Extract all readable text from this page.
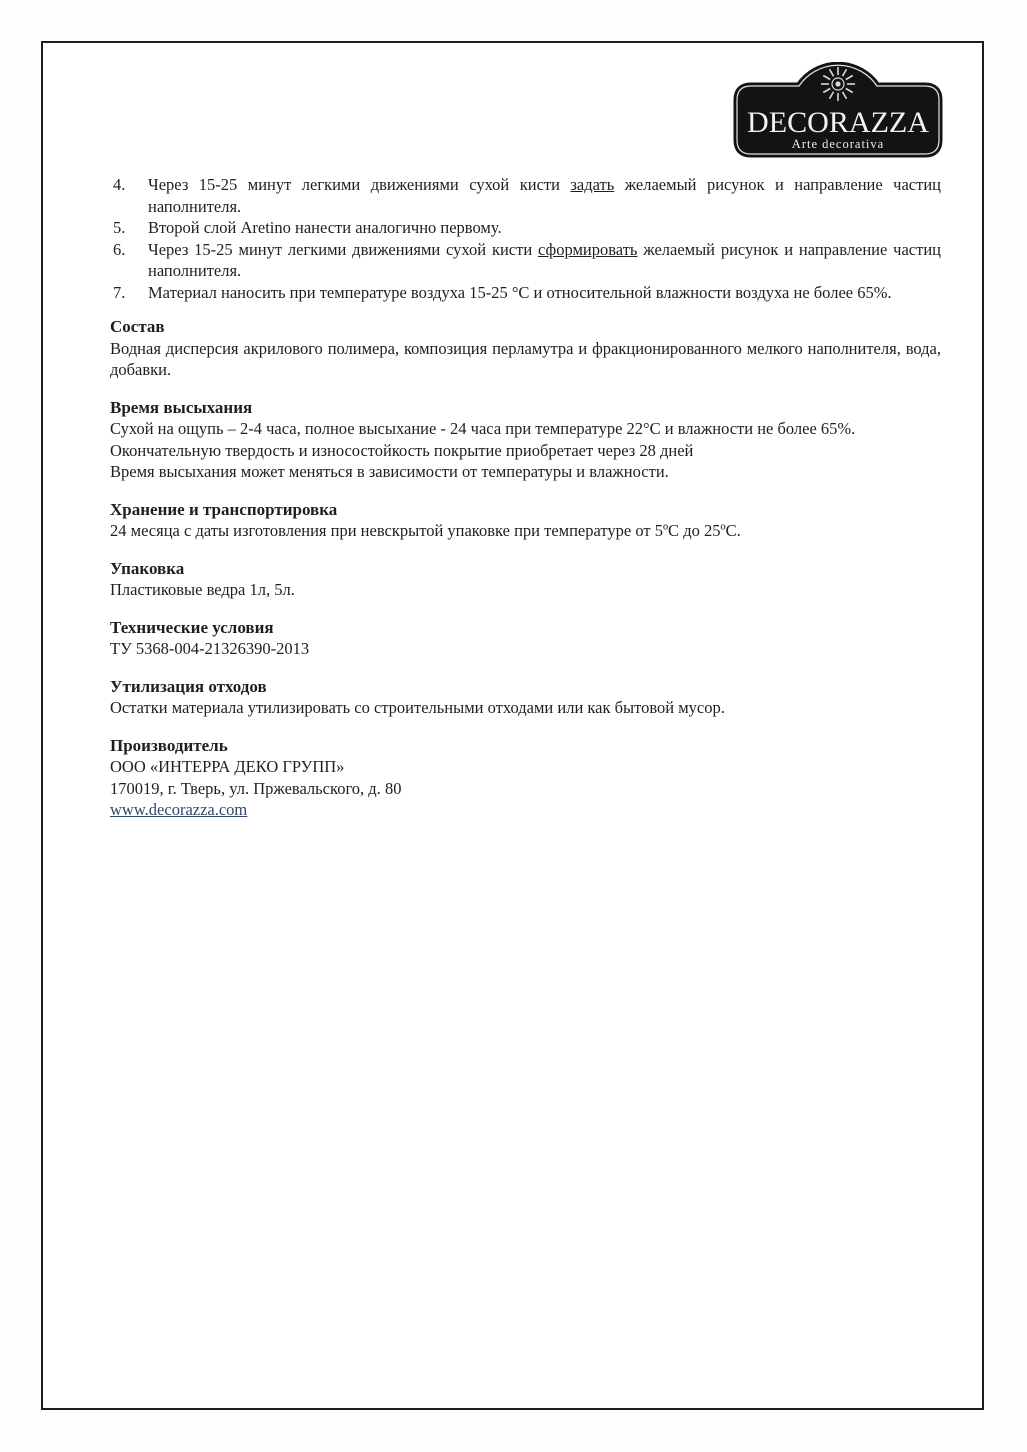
DECORAZZA
Arte decorativa
4. Через 15-25 минут легкими движениями сухой кисти задать желаемый рисунок и направление частиц наполнителя.
5. Второй слой Aretino нанести аналогично первому.
6. Через 15-25 минут легкими движениями сухой кисти сформировать желаемый рисунок и направление частиц наполнителя.
7. Материал наносить при температуре воздуха 15-25 °С и относительной влажности воздуха не более 65%.
Состав

Водная дисперсия акрилового полимера, композиция перламутра и фракционированного мелкого наполнителя, вода, добавки.

Время высыхания

Сухой на ощупь – 2-4 часа, полное высыхание - 24 часа при температуре 22°С и влажности не более 65%.

Окончательную твердость и износостойкость покрытие приобретает через 28 дней

Время высыхания может меняться в зависимости от температуры и влажности.

Хранение и транспортировка

24 месяца с даты изготовления при невскрытой упаковке при температуре от 5ºС до 25ºС.

Упаковка

Пластиковые ведра 1л, 5л.

Технические условия

ТУ 5368-004-21326390-2013

Утилизация отходов

Остатки материала утилизировать со строительными отходами или как бытовой мусор.

Производитель

ООО «ИНТЕРРА ДЕКО ГРУПП»

170019, г. Тверь, ул. Пржевальского, д. 80

www.decorazza.com
